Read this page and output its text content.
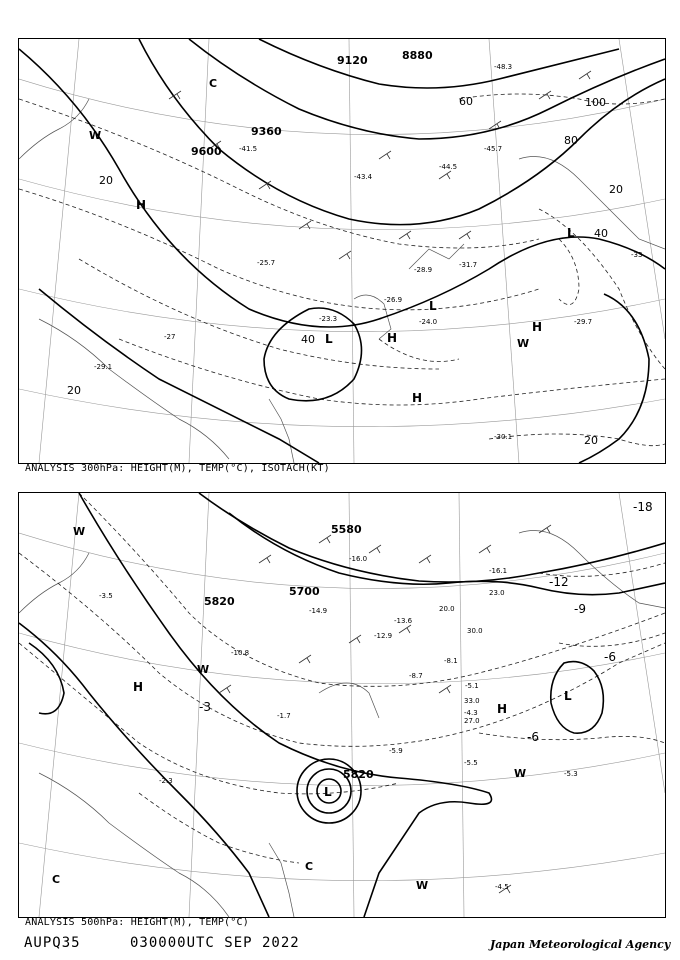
9120
9360
9600
8880
20
40
60
80
100
20
40
20
20
-27
-29.1
-29.7
-30.1
-26.9
-23.3	-24.0
-25.7	-31.7
-28.9
-41.5
-44.5
-45.7
-48.3
-43.4
-33
H
H
H
H
L
L
L
C
W
W
ANALYSIS 300hPa: HEIGHT(M), TEMP(°C), ISOTACH(KT)
5580
5700
5820
5820
-18
-12
-9
-6
-3
-6
-14.9
-16.1
-13.6
-12.9
-8.7
-5.5
-4.3
-5.1
-4.5
-5.3
-2.3
-1.7
-3.5
-8.1
-5.9
-16.0
-10.8
30.0
27.0
33.0
23.0
20.0
H
H
L
L
C
C
W
W
W
W
ANALYSIS 500hPa: HEIGHT(M), TEMP(°C)
AUPQ35	030000UTC SEP 2022	Japan Meteorological Agency
